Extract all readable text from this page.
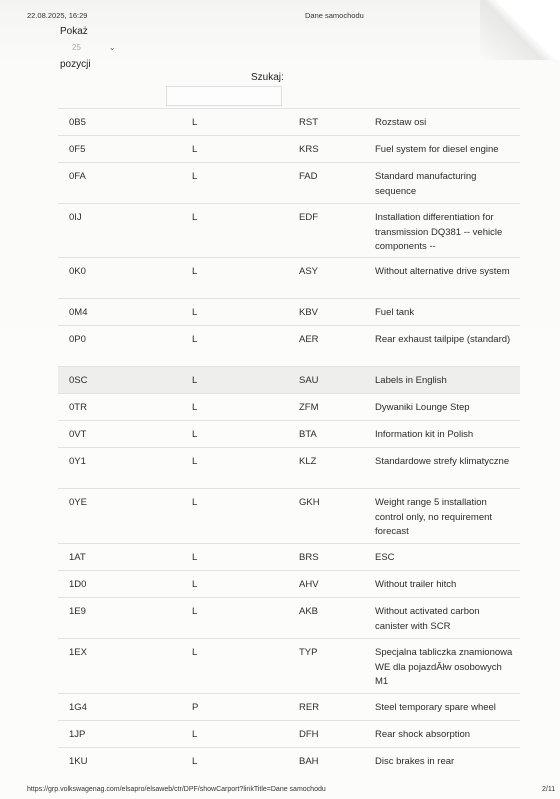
22.08.2025, 16:29	Dane samochodu
Pokaż
25	⌄
pozycji
Szukaj:
0B5	L	RST	Rozstaw osi
0F5	L	KRS	Fuel system for diesel engine
0FA	L	FAD	Standard manufacturing sequence
0IJ	L	EDF	Installation differentiation for transmission DQ381 -- vehicle components --
0K0	L	ASY	Without alternative drive system
0M4	L	KBV	Fuel tank
0P0	L	AER	Rear exhaust tailpipe (standard)
0SC	L	SAU	Labels in English
0TR	L	ZFM	Dywaniki Lounge Step
0VT	L	BTA	Information kit in Polish
0Y1	L	KLZ	Standardowe strefy klimatyczne
0YE	L	GKH	Weight range 5 installation control only, no requirement forecast
1AT	L	BRS	ESC
1D0	L	AHV	Without trailer hitch
1E9	L	AKB	Without activated carbon canister with SCR
1EX	L	TYP	Specjalna tabliczka znamionowa WE dla pojazdĂłw osobowych M1
1G4	P	RER	Steel temporary spare wheel
1JP	L	DFH	Rear shock absorption
1KU	L	BAH	Disc brakes in rear
https://grp.volkswagenag.com/elsapro/elsaweb/ctr/DPF/showCarport?linkTitle=Dane samochodu	2/11
